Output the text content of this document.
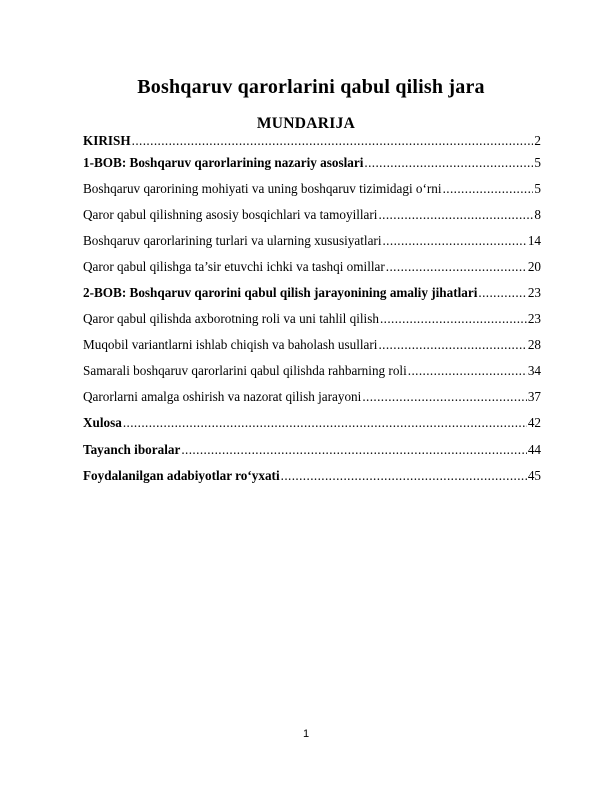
Boshqaruv qarorlarini qabul qilish jara
MUNDARIJA
KIRISH .....	2
1-BOB: Boshqaruv qarorlarining nazariy asoslari .....	5
Boshqaruv qarorining mohiyati va uning boshqaruv tizimidagi o‘rni .....	5
Qaror qabul qilishning asosiy bosqichlari va tamoyillari .....	8
Boshqaruv qarorlarining turlari va ularning xususiyatlari .....	14
Qaror qabul qilishga ta’sir etuvchi ichki va tashqi omillar .....	20
2-BOB: Boshqaruv qarorini qabul qilish jarayonining amaliy jihatlari .....	23
Qaror qabul qilishda axborotning roli va uni tahlil qilish .....	23
Muqobil variantlarni ishlab chiqish va baholash usullari .....	28
Samarali boshqaruv qarorlarini qabul qilishda rahbarning roli .....	34
Qarorlarni amalga oshirish va nazorat qilish jarayoni .....	37
Xulosa .....	42
Tayanch iboralar .....	44
Foydalanilgan adabiyotlar ro‘yxati .....	45
1
